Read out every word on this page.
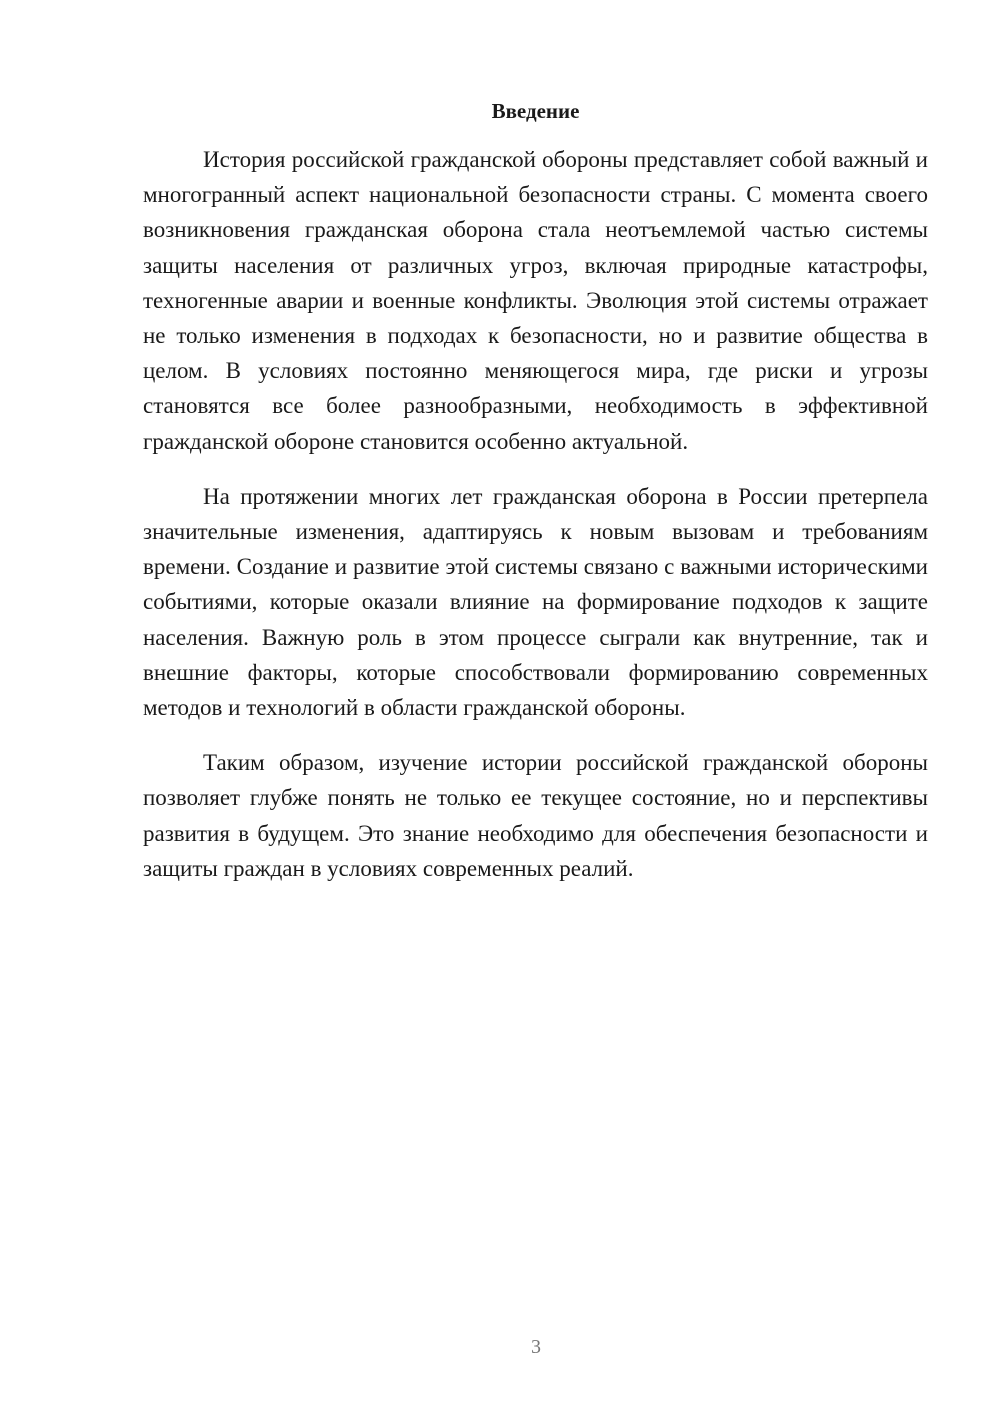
Введение

История российской гражданской обороны представляет собой важный и многогранный аспект национальной безопасности страны. С момента своего возникновения гражданская оборона стала неотъемлемой частью системы защиты населения от различных угроз, включая природные катастрофы, техногенные аварии и военные конфликты. Эволюция этой системы отражает не только изменения в подходах к безопасности, но и развитие общества в целом. В условиях постоянно меняющегося мира, где риски и угрозы становятся все более разнообразными, необходимость в эффективной гражданской обороне становится особенно актуальной.

На протяжении многих лет гражданская оборона в России претерпела значительные изменения, адаптируясь к новым вызовам и требованиям времени. Создание и развитие этой системы связано с важными историческими событиями, которые оказали влияние на формирование подходов к защите населения. Важную роль в этом процессе сыграли как внутренние, так и внешние факторы, которые способствовали формированию современных методов и технологий в области гражданской обороны.

Таким образом, изучение истории российской гражданской обороны позволяет глубже понять не только ее текущее состояние, но и перспективы развития в будущем. Это знание необходимо для обеспечения безопасности и защиты граждан в условиях современных реалий.

3
